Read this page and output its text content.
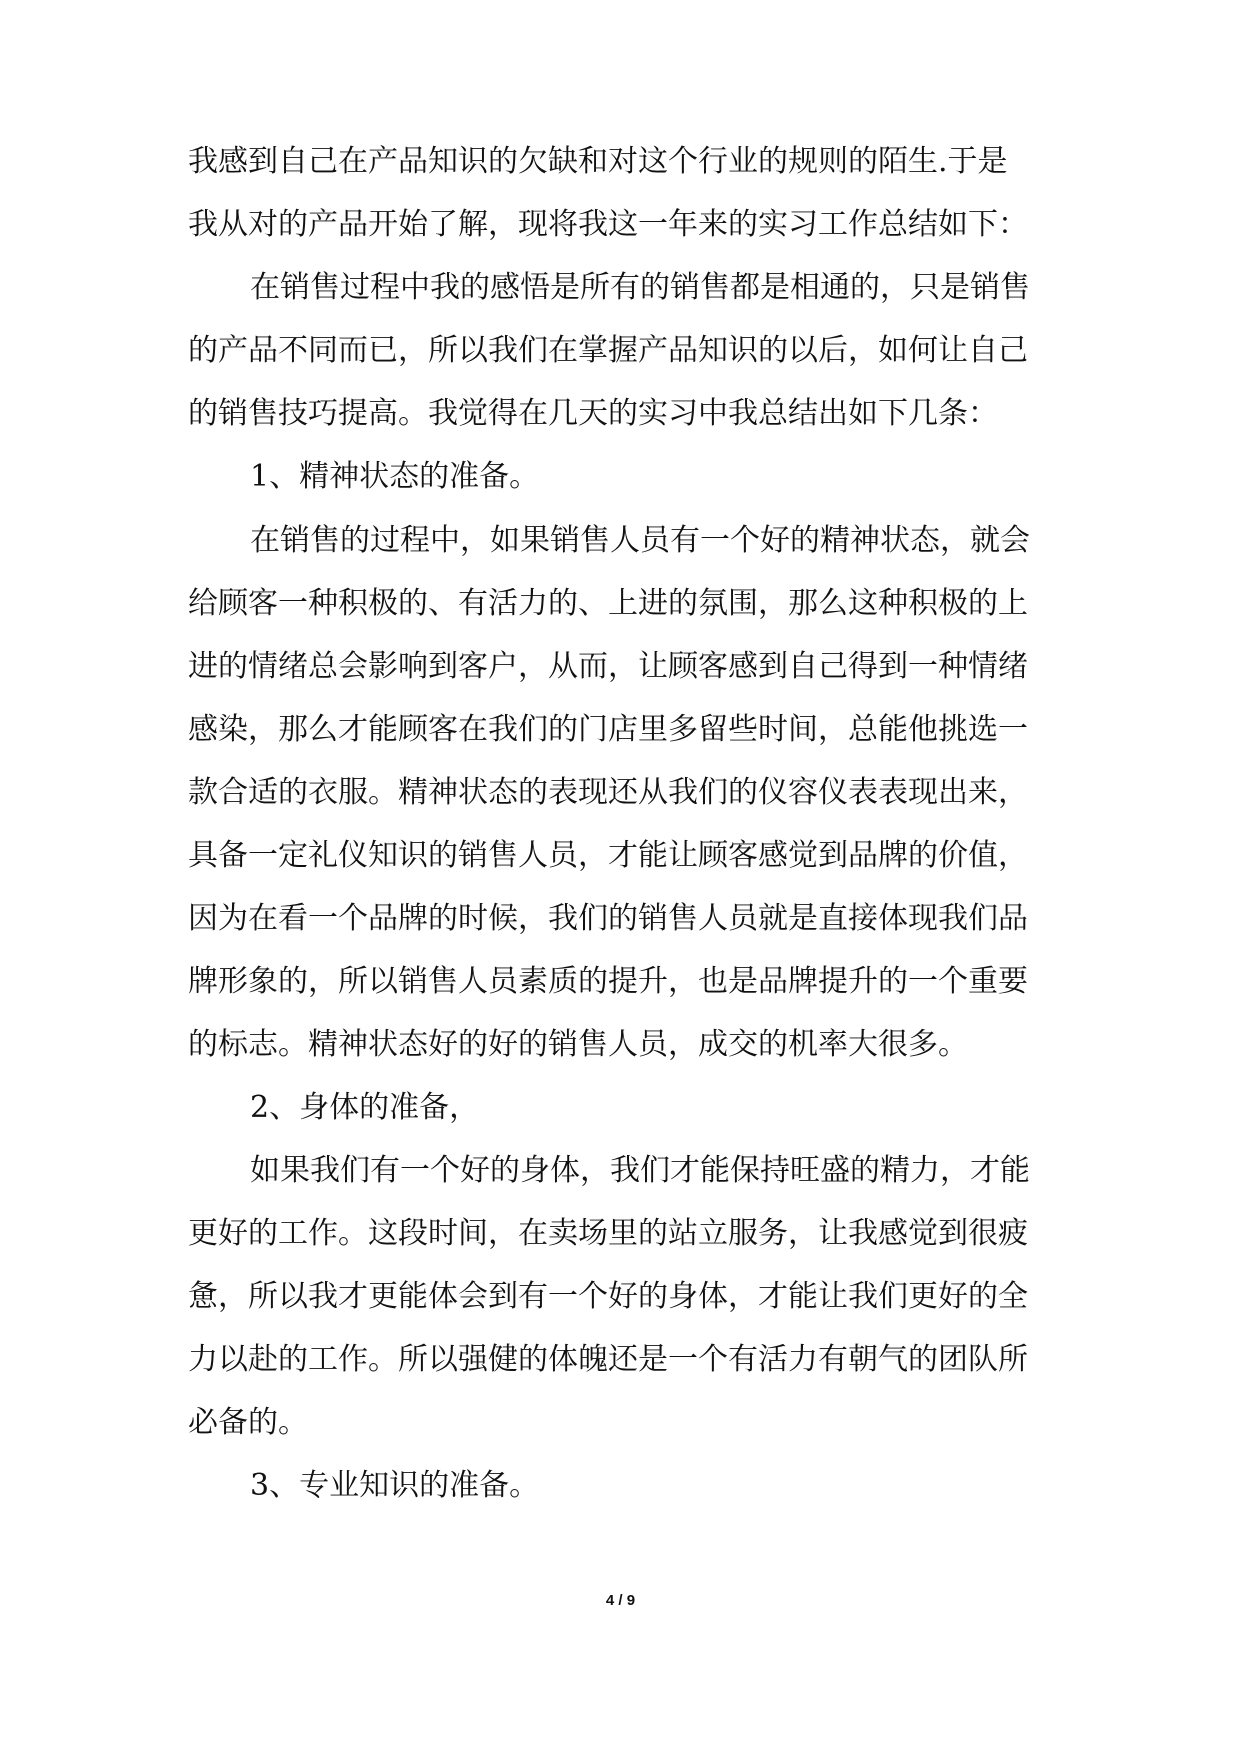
我感到自己在产品知识的欠缺和对这个行业的规则的陌生.于是
我从对的产品开始了解，现将我这一年来的实习工作总结如下：
在销售过程中我的感悟是所有的销售都是相通的，只是销售
的产品不同而已，所以我们在掌握产品知识的以后，如何让自己
的销售技巧提高。我觉得在几天的实习中我总结出如下几条：
1、精神状态的准备。
在销售的过程中，如果销售人员有一个好的精神状态，就会
给顾客一种积极的、有活力的、上进的氛围，那么这种积极的上
进的情绪总会影响到客户，从而，让顾客感到自己得到一种情绪
感染，那么才能顾客在我们的门店里多留些时间，总能他挑选一
款合适的衣服。精神状态的表现还从我们的仪容仪表表现出来，
具备一定礼仪知识的销售人员，才能让顾客感觉到品牌的价值，
因为在看一个品牌的时候，我们的销售人员就是直接体现我们品
牌形象的，所以销售人员素质的提升，也是品牌提升的一个重要
的标志。精神状态好的好的销售人员，成交的机率大很多。
2、身体的准备，
如果我们有一个好的身体，我们才能保持旺盛的精力，才能
更好的工作。这段时间，在卖场里的站立服务，让我感觉到很疲
惫，所以我才更能体会到有一个好的身体，才能让我们更好的全
力以赴的工作。所以强健的体魄还是一个有活力有朝气的团队所
必备的。
3、专业知识的准备。
4 / 9
